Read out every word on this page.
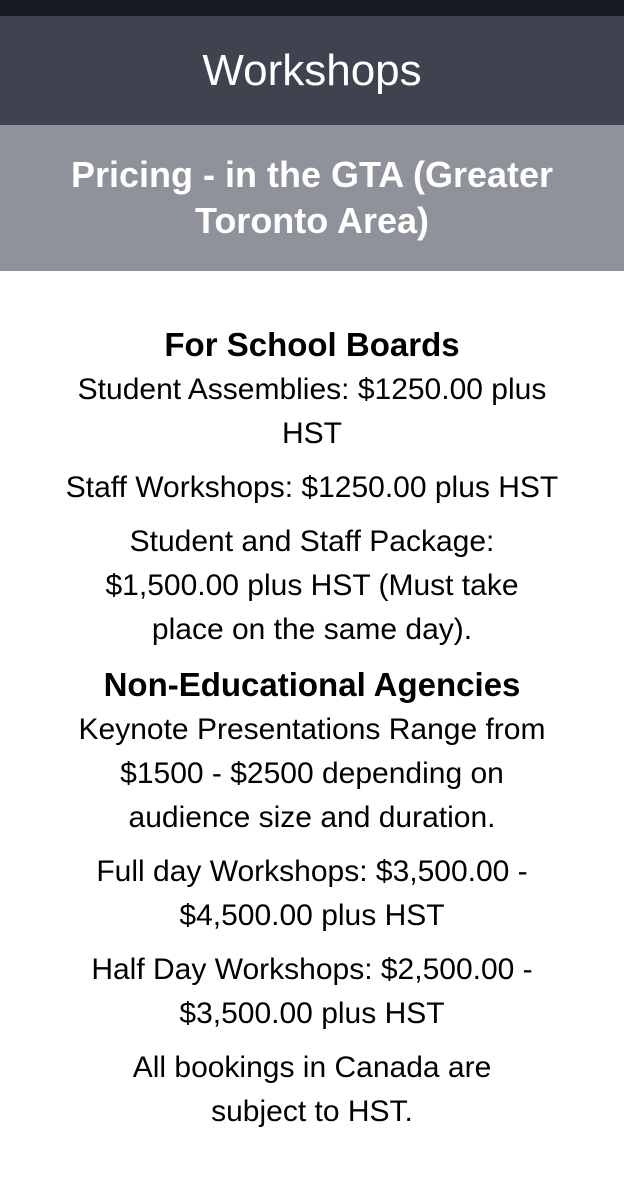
Workshops
Pricing - in the GTA (Greater Toronto Area)
For School Boards

Student Assemblies: $1250.00 plus HST

Staff Workshops: $1250.00 plus HST

Student and Staff Package: $1,500.00 plus HST (Must take place on the same day).

Non-Educational Agencies

Keynote Presentations Range from $1500 - $2500 depending on audience size and duration.

Full day Workshops: $3,500.00 - $4,500.00 plus HST

Half Day Workshops: $2,500.00 - $3,500.00 plus HST

All bookings in Canada are subject to HST.
